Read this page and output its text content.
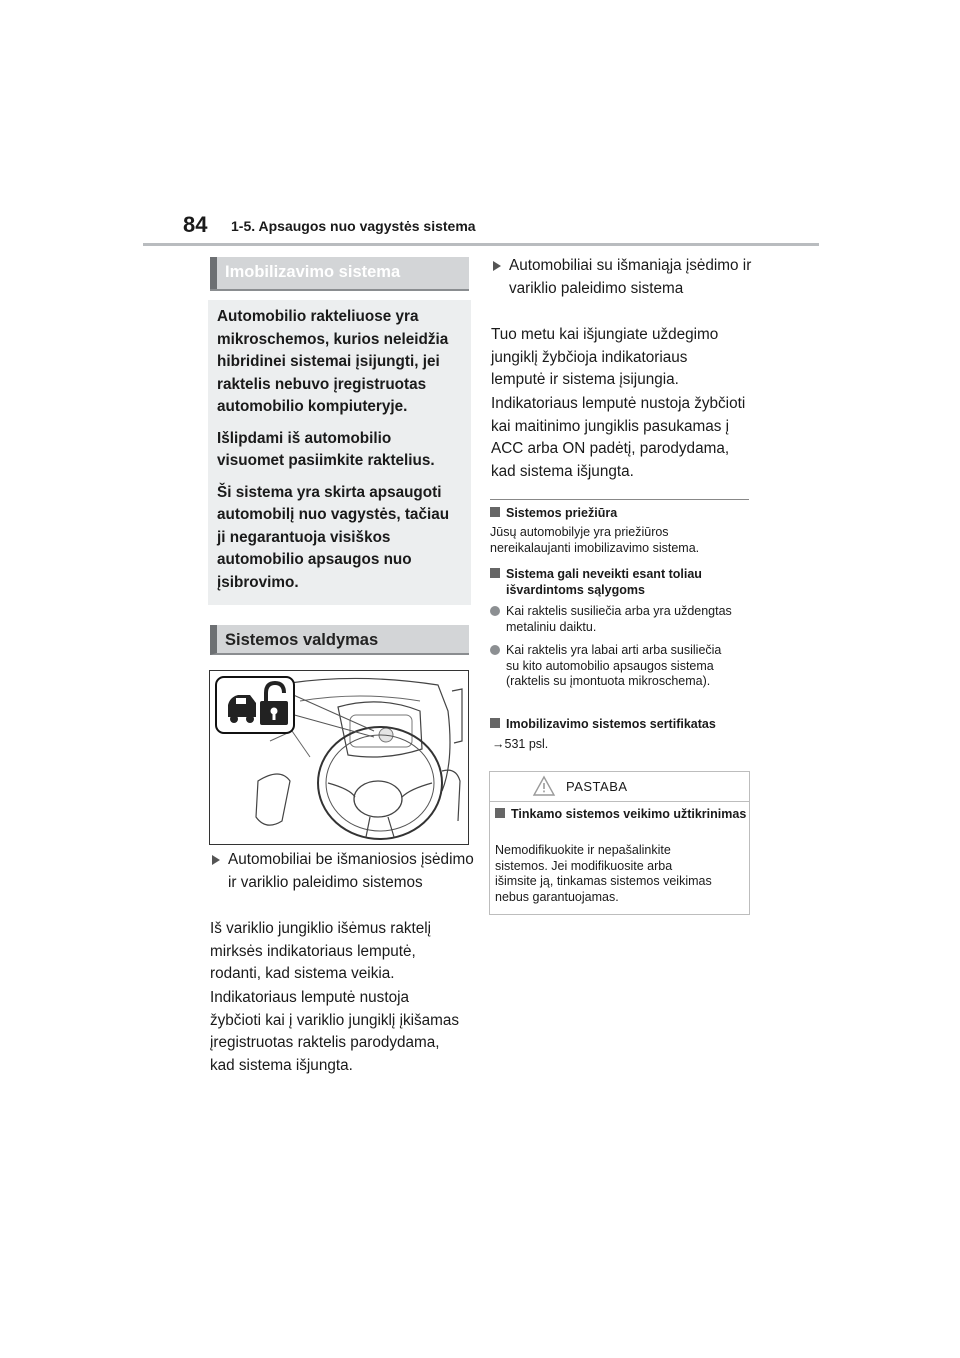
84 1-5. Apsaugos nuo vagystės sistema
Imobilizavimo sistema

Automobilio rakteliuose yra mikroschemos, kurios neleidžia hibridinei sistemai įsijungti, jei raktelis nebuvo įregistruotas automobilio kompiuteryje.

Išlipdami iš automobilio visuomet pasiimkite raktelius.

Ši sistema yra skirta apsaugoti automobilį nuo vagystės, tačiau ji negarantuoja visiškos automobilio apsaugos nuo įsibrovimo.

Sistemos valdymas
Automobiliai be išmaniosios įsėdimo ir variklio paleidimo sistemos

Iš variklio jungiklio išėmus raktelį mirksės indikatoriaus lemputė, rodanti, kad sistema veikia.

Indikatoriaus lemputė nustoja žybčioti kai į variklio jungiklį įkišamas įregistruotas raktelis parodydama, kad sistema išjungta.

Automobiliai su išmaniąja įsėdimo ir variklio paleidimo sistema

Tuo metu kai išjungiate uždegimo jungiklį žybčioja indikatoriaus lemputė ir sistema įsijungia.

Indikatoriaus lemputė nustoja žybčioti kai maitinimo jungiklis pasukamas į ACC arba ON padėtį, parodydama, kad sistema išjungta.

Sistemos priežiūra
Jūsų automobilyje yra priežiūros nereikalaujanti imobilizavimo sistema.
Sistema gali neveikti esant toliau išvardintoms sąlygoms
Kai raktelis susiliečia arba yra uždengtas metaliniu daiktu.
Kai raktelis yra labai arti arba susiliečia su kito automobilio apsaugos sistema (raktelis su įmontuota mikroschema).
Imobilizavimo sistemos sertifikatas
→531 psl.
PASTABA
Tinkamo sistemos veikimo užtikrinimas
Nemodifikuokite ir nepašalinkite sistemos. Jei modifikuosite arba išimsite ją, tinkamas sistemos veikimas nebus garantuojamas.
